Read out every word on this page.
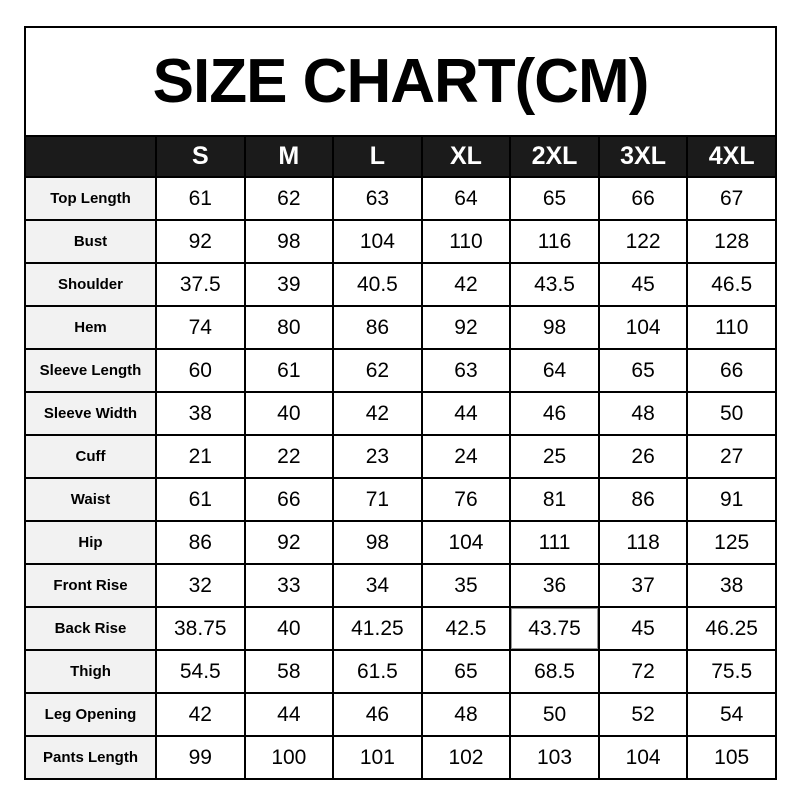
SIZE CHART(CM)
	S	M	L	XL	2XL	3XL	4XL
Top Length	61	62	63	64	65	66	67
Bust	92	98	104	110	116	122	128
Shoulder	37.5	39	40.5	42	43.5	45	46.5
Hem	74	80	86	92	98	104	110
Sleeve Length	60	61	62	63	64	65	66
Sleeve Width	38	40	42	44	46	48	50
Cuff	21	22	23	24	25	26	27
Waist	61	66	71	76	81	86	91
Hip	86	92	98	104	111	118	125
Front Rise	32	33	34	35	36	37	38
Back Rise	38.75	40	41.25	42.5	43.75	45	46.25
Thigh	54.5	58	61.5	65	68.5	72	75.5
Leg Opening	42	44	46	48	50	52	54
Pants Length	99	100	101	102	103	104	105
